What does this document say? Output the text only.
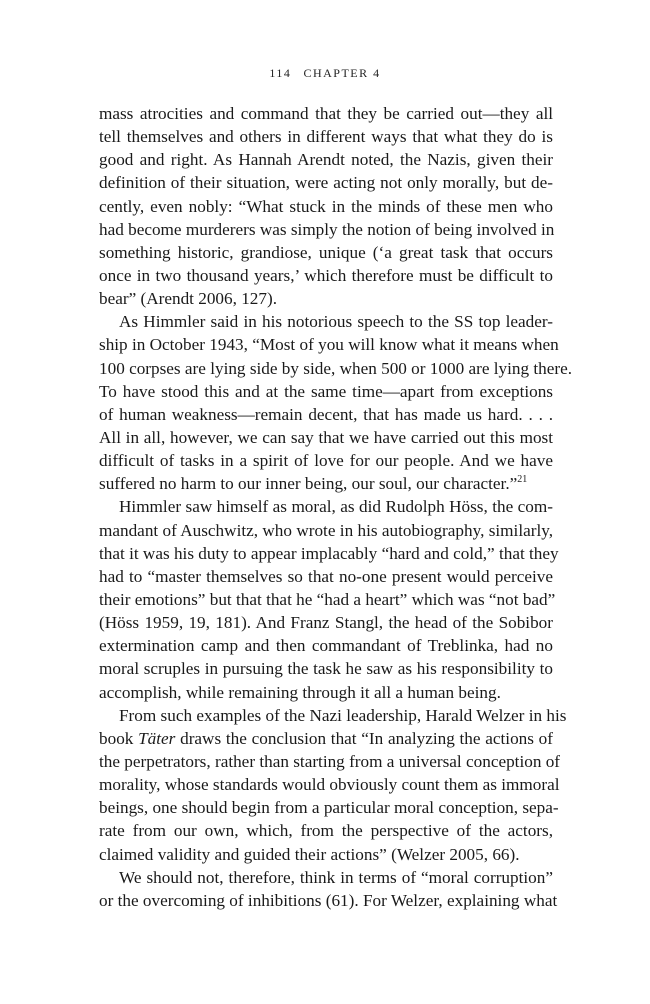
114 CHAPTER 4
mass atrocities and command that they be carried out—they all
tell themselves and others in different ways that what they do is
good and right. As Hannah Arendt noted, the Nazis, given their
definition of their situation, were acting not only morally, but de-
cently, even nobly: “What stuck in the minds of these men who
had become murderers was simply the notion of being involved in
something historic, grandiose, unique (‘a great task that occurs
once in two thousand years,’ which therefore must be difficult to
bear” (Arendt 2006, 127).
As Himmler said in his notorious speech to the SS top leader-
ship in October 1943, “Most of you will know what it means when
100 corpses are lying side by side, when 500 or 1000 are lying there.
To have stood this and at the same time—apart from exceptions
of human weakness—remain decent, that has made us hard. . . .
All in all, however, we can say that we have carried out this most
difficult of tasks in a spirit of love for our people. And we have
suffered no harm to our inner being, our soul, our character.”$^{21}$
Himmler saw himself as moral, as did Rudolph Höss, the com-
mandant of Auschwitz, who wrote in his autobiography, similarly,
that it was his duty to appear implacably “hard and cold,” that they
had to “master themselves so that no-one present would perceive
their emotions” but that that he “had a heart” which was “not bad”
(Höss 1959, 19, 181). And Franz Stangl, the head of the Sobibor
extermination camp and then commandant of Treblinka, had no
moral scruples in pursuing the task he saw as his responsibility to
accomplish, while remaining through it all a human being.
From such examples of the Nazi leadership, Harald Welzer in his
book Täter draws the conclusion that “In analyzing the actions of
the perpetrators, rather than starting from a universal conception of
morality, whose standards would obviously count them as immoral
beings, one should begin from a particular moral conception, sepa-
rate from our own, which, from the perspective of the actors,
claimed validity and guided their actions” (Welzer 2005, 66).
We should not, therefore, think in terms of “moral corruption”
or the overcoming of inhibitions (61). For Welzer, explaining what
